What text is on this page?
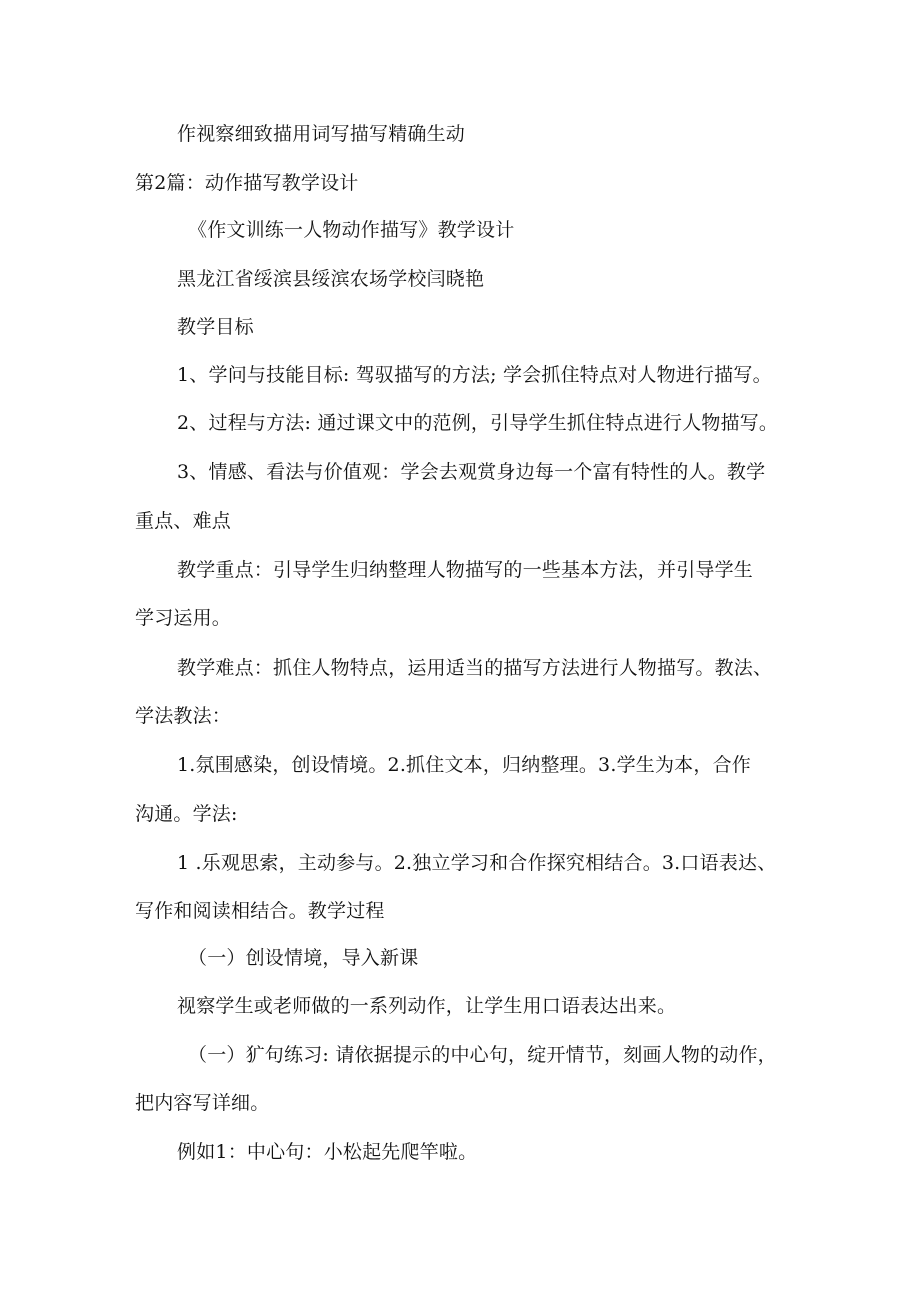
作视察细致描用词写描写精确生动

第2篇：动作描写教学设计

《作文训练一人物动作描写》教学设计

黑龙江省绥滨县绥滨农场学校闫晓艳

教学目标

1、学问与技能目标: 驾驭描写的方法; 学会抓住特点对人物进行描写。

2、过程与方法: 通过课文中的范例，引导学生抓住特点进行人物描写。

3、情感、看法与价值观：学会去观赏身边每一个富有特性的人。教学

重点、难点

教学重点：引导学生归纳整理人物描写的一些基本方法，并引导学生

学习运用。

教学难点：抓住人物特点，运用适当的描写方法进行人物描写。教法、

学法教法：

1.氛围感染，创设情境。2.抓住文本，归纳整理。3.学生为本，合作

沟通。学法:

1 .乐观思索，主动参与。2.独立学习和合作探究相结合。3.口语表达、

写作和阅读相结合。教学过程

（一）创设情境，导入新课

视察学生或老师做的一系列动作，让学生用口语表达出来。

（一）犷句练习: 请依据提示的中心句，绽开情节，刻画人物的动作，

把内容写详细。

例如1：中心句：小松起先爬竿啦。
